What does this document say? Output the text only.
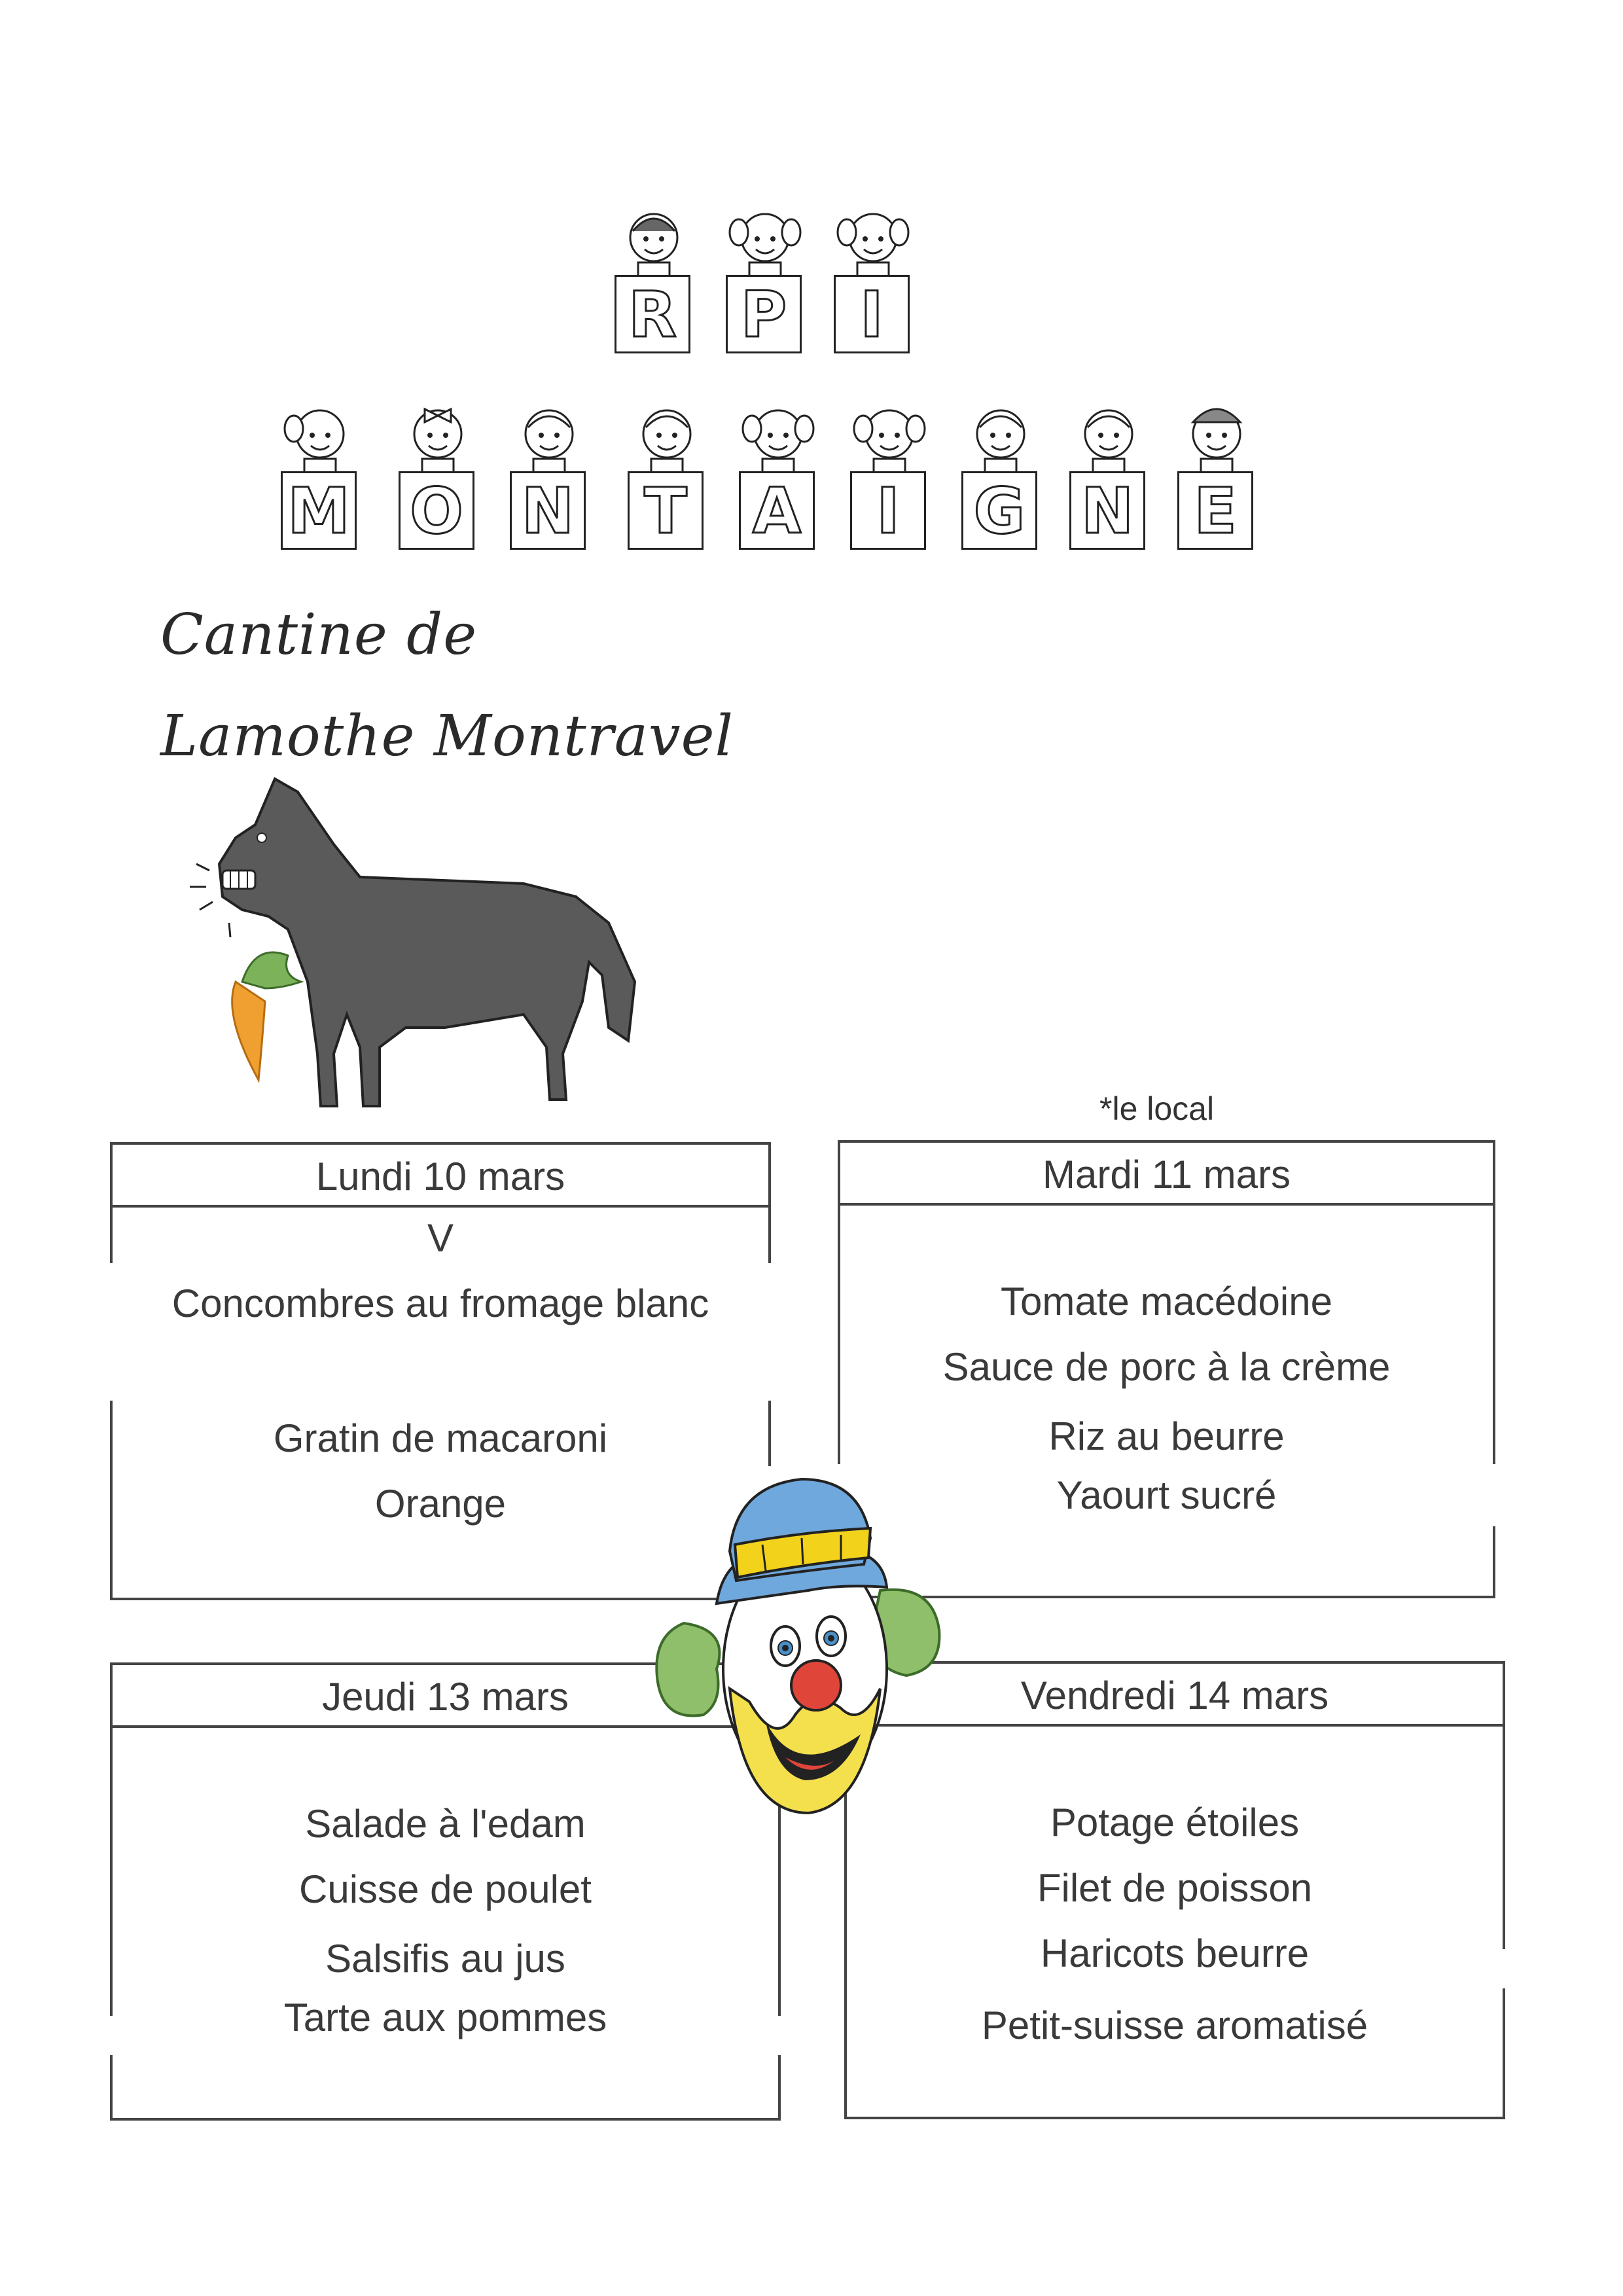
R P	I
M O N T A	I	G N E
Cantine de
Lamothe Montravel
*le local
Lundi 10 mars
V
Concombres au fromage blanc
Gratin de macaroni
Orange
Mardi 11 mars
Tomate macédoine
Sauce de porc à la crème
Riz au beurre
Yaourt sucré
Jeudi 13 mars
Salade à l'edam
Cuisse de poulet
Salsifis au jus
Tarte aux pommes
Vendredi 14 mars
Potage étoiles
Filet de poisson
Haricots beurre
Petit-suisse aromatisé
